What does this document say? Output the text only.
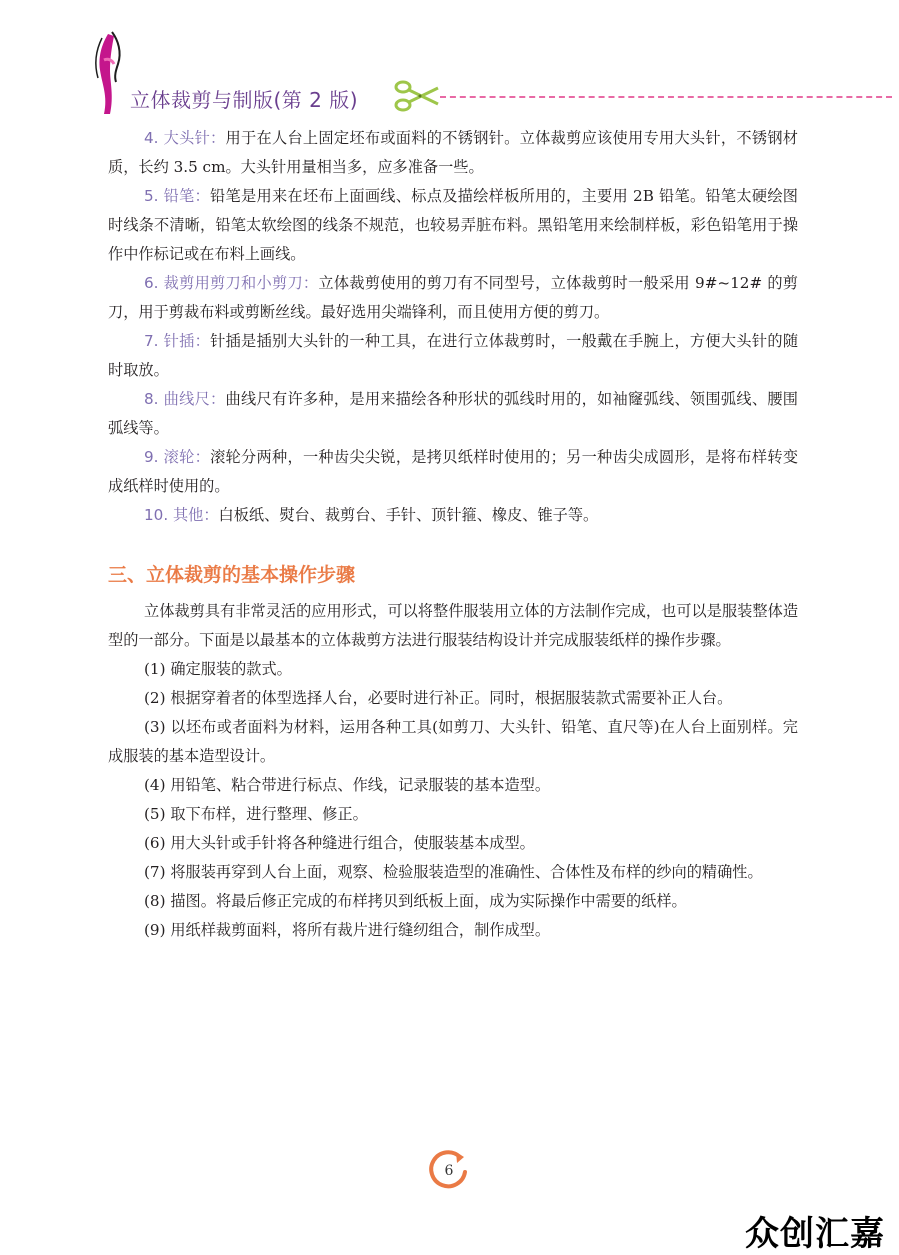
立体裁剪与制版(第 2 版)

4. 大头针：用于在人台上固定坯布或面料的不锈钢针。立体裁剪应该使用专用大头针，不锈钢材质，长约 3.5 cm。大头针用量相当多，应多准备一些。

5. 铅笔：铅笔是用来在坯布上面画线、标点及描绘样板所用的，主要用 2B 铅笔。铅笔太硬绘图时线条不清晰，铅笔太软绘图的线条不规范，也较易弄脏布料。黑铅笔用来绘制样板，彩色铅笔用于操作中作标记或在布料上画线。

6. 裁剪用剪刀和小剪刀：立体裁剪使用的剪刀有不同型号，立体裁剪时一般采用 9#~12# 的剪刀，用于剪裁布料或剪断丝线。最好选用尖端锋利，而且使用方便的剪刀。

7. 针插：针插是插别大头针的一种工具，在进行立体裁剪时，一般戴在手腕上，方便大头针的随时取放。

8. 曲线尺：曲线尺有许多种，是用来描绘各种形状的弧线时用的，如袖窿弧线、领围弧线、腰围弧线等。

9. 滚轮：滚轮分两种，一种齿尖尖锐，是拷贝纸样时使用的；另一种齿尖成圆形，是将布样转变成纸样时使用的。

10. 其他：白板纸、熨台、裁剪台、手针、顶针箍、橡皮、锥子等。

三、立体裁剪的基本操作步骤

立体裁剪具有非常灵活的应用形式，可以将整件服装用立体的方法制作完成，也可以是服装整体造型的一部分。下面是以最基本的立体裁剪方法进行服装结构设计并完成服装纸样的操作步骤。

(1) 确定服装的款式。

(2) 根据穿着者的体型选择人台，必要时进行补正。同时，根据服装款式需要补正人台。

(3) 以坯布或者面料为材料，运用各种工具(如剪刀、大头针、铅笔、直尺等)在人台上面别样。完成服装的基本造型设计。

(4) 用铅笔、粘合带进行标点、作线，记录服装的基本造型。

(5) 取下布样，进行整理、修正。

(6) 用大头针或手针将各种缝进行组合，使服装基本成型。

(7) 将服装再穿到人台上面，观察、检验服装造型的准确性、合体性及布样的纱向的精确性。

(8) 描图。将最后修正完成的布样拷贝到纸板上面，成为实际操作中需要的纸样。

(9) 用纸样裁剪面料，将所有裁片进行缝纫组合，制作成型。

6
众创汇嘉
